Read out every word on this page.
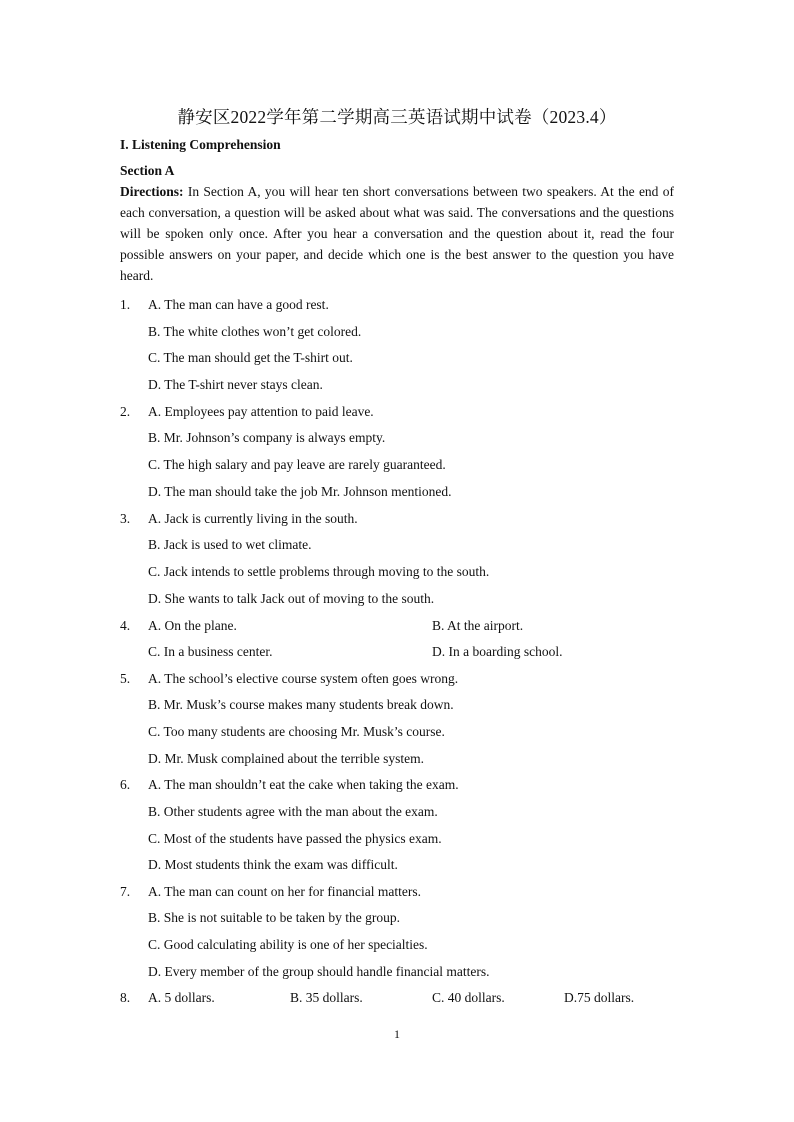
静安区2022学年第二学期高三英语试期中试卷（2023.4）
I. Listening Comprehension
Section A
Directions: In Section A, you will hear ten short conversations between two speakers. At the end of each conversation, a question will be asked about what was said. The conversations and the questions will be spoken only once. After you hear a conversation and the question about it, read the four possible answers on your paper, and decide which one is the best answer to the question you have heard.
1. A. The man can have a good rest.
B. The white clothes won’t get colored.
C. The man should get the T-shirt out.
D. The T-shirt never stays clean.
2. A. Employees pay attention to paid leave.
B. Mr. Johnson’s company is always empty.
C. The high salary and pay leave are rarely guaranteed.
D. The man should take the job Mr. Johnson mentioned.
3. A. Jack is currently living in the south.
B. Jack is used to wet climate.
C. Jack intends to settle problems through moving to the south.
D. She wants to talk Jack out of moving to the south.
4. A. On the plane.	B. At the airport.
C. In a business center.	D. In a boarding school.
5. A. The school’s elective course system often goes wrong.
B. Mr. Musk’s course makes many students break down.
C. Too many students are choosing Mr. Musk’s course.
D. Mr. Musk complained about the terrible system.
6. A. The man shouldn’t eat the cake when taking the exam.
B. Other students agree with the man about the exam.
C. Most of the students have passed the physics exam.
D. Most students think the exam was difficult.
7. A. The man can count on her for financial matters.
B. She is not suitable to be taken by the group.
C. Good calculating ability is one of her specialties.
D. Every member of the group should handle financial matters.
8. A. 5 dollars.	B. 35 dollars.	C. 40 dollars.	D.75 dollars.
1
